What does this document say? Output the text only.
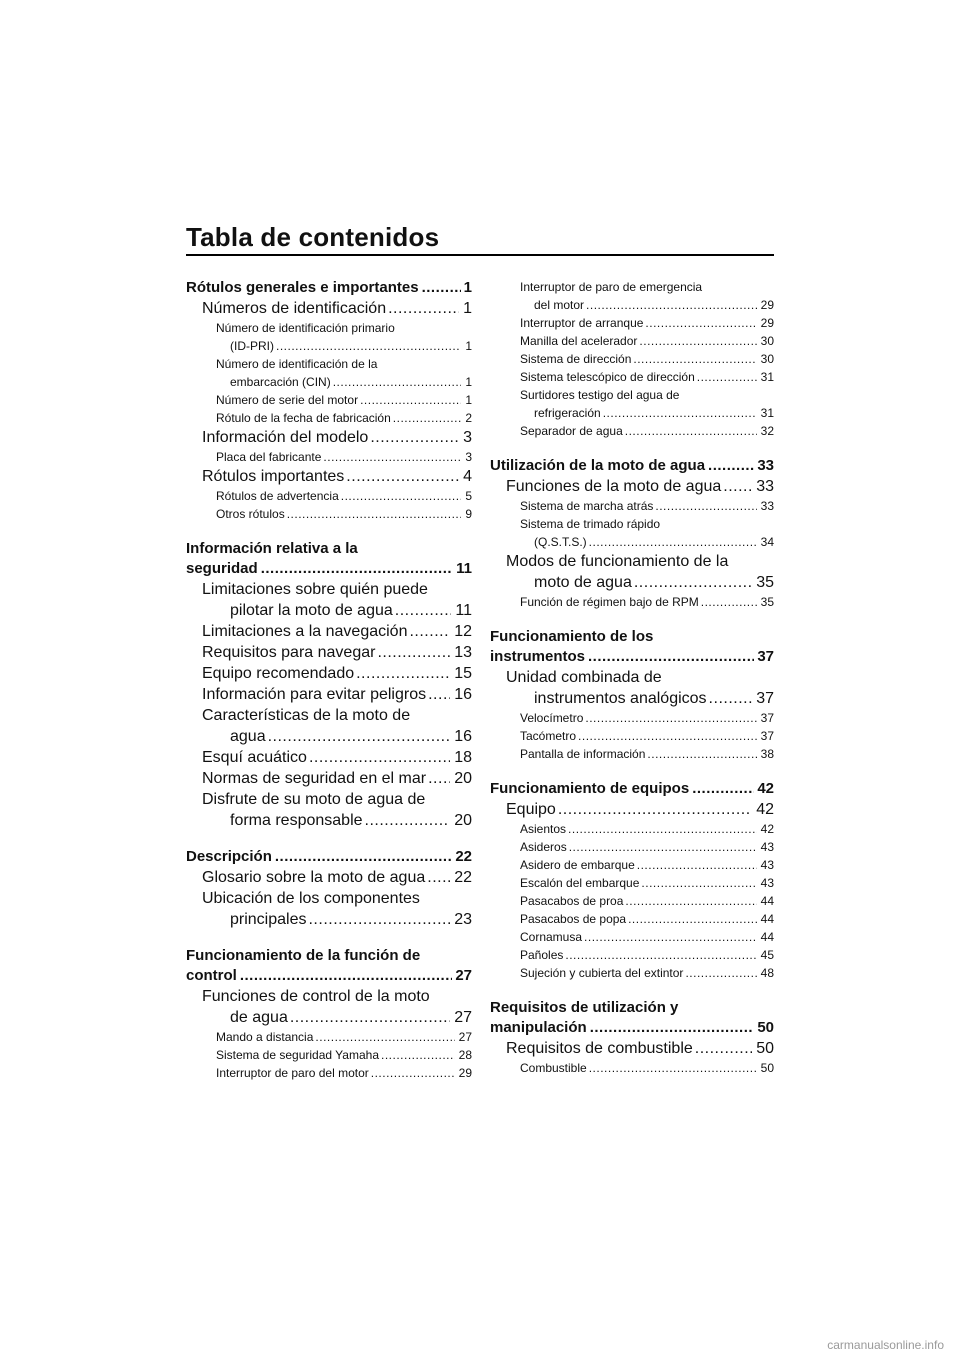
Tabla de contenidos
Rótulos generales e importantes .....	1
Números de identificación .....	1
Número de identificación primario
(ID-PRI) .....	1
Número de identificación de la
embarcación (CIN) .....	1
Número de serie del motor .....	1
Rótulo de la fecha de fabricación .....	2
Información del modelo .....	3
Placa del fabricante .....	3
Rótulos importantes .....	4
Rótulos de advertencia .....	5
Otros rótulos .....	9
Información relativa a la
seguridad .....	11
Limitaciones sobre quién puede
pilotar la moto de agua .....	11
Limitaciones a la navegación .....	12
Requisitos para navegar .....	13
Equipo recomendado .....	15
Información para evitar peligros ..... 16
Características de la moto de
agua .....	16
Esquí acuático .....	18
Normas de seguridad en el mar ..... 20
Disfrute de su moto de agua de
forma responsable .....	20
Descripción .....	22
Glosario sobre la moto de agua ..... 22
Ubicación de los componentes
principales .....	23
Funcionamiento de la función de
control .....	27
Funciones de control de la moto
de agua .....	27
Mando a distancia .....	27
Sistema de seguridad Yamaha .....	28
Interruptor de paro del motor .....	29
Interruptor de paro de emergencia
del motor .....	29
Interruptor de arranque .....	29
Manilla del acelerador .....	30
Sistema de dirección .....	30
Sistema telescópico de dirección .....	31
Surtidores testigo del agua de
refrigeración .....	31
Separador de agua .....	32
Utilización de la moto de agua .....	33
Funciones de la moto de agua ..... 33
Sistema de marcha atrás .....	33
Sistema de trimado rápido
(Q.S.T.S.) .....	34
Modos de funcionamiento de la
moto de agua .....	35
Función de régimen bajo de RPM .....	35
Funcionamiento de los
instrumentos .....	37
Unidad combinada de
instrumentos analógicos .....	37
Velocímetro .....	37
Tacómetro .....	37
Pantalla de información .....	38
Funcionamiento de equipos .....	42
Equipo .....	42
Asientos .....	42
Asideros .....	43
Asidero de embarque .....	43
Escalón del embarque .....	43
Pasacabos de proa .....	44
Pasacabos de popa .....	44
Cornamusa .....	44
Pañoles .....	45
Sujeción y cubierta del extintor .....	48
Requisitos de utilización y
manipulación .....	50
Requisitos de combustible .....	50
Combustible .....	50
carmanualsonline.info
